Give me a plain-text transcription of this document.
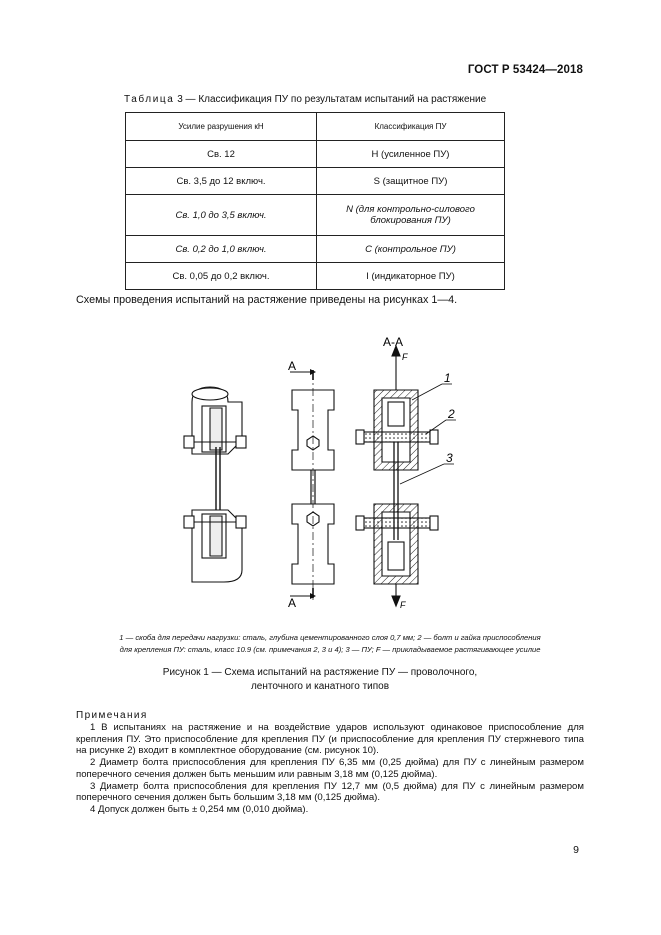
ГОСТ Р 53424—2018
Таблица 3 — Классификация ПУ по результатам испытаний на растяжение
Усилие разрушения кН	Классификация ПУ
Св. 12	Н (усиленное ПУ)
Св. 3,5 до 12 включ.	S (защитное ПУ)
Св. 1,0 до 3,5 включ.	N (для контрольно-силового
блокирования ПУ)
Св. 0,2 до 1,0 включ.	С (контрольное ПУ)
Св. 0,05 до 0,2 включ.	I (индикаторное ПУ)
Схемы проведения испытаний на растяжение приведены на рисунках 1—4.
А
А
1
2
3
А-А
F
F
1 — скоба для передачи нагрузки: сталь, глубина цементированного слоя 0,7 мм; 2 — болт и гайка приспособления
для крепления ПУ: сталь, класс 10.9 (см. примечания 2, 3 и 4); 3 — ПУ; F — прикладываемое растягивающее усилие
Рисунок 1 — Схема испытаний на растяжение ПУ — проволочного,
ленточного и канатного типов
Примечания

1 В испытаниях на растяжение и на воздействие ударов используют одинаковое приспособление для крепления ПУ. Это приспособление для крепления ПУ (и приспособление для крепления ПУ стержневого типа на рисунке 2) входит в комплектное оборудование (см. рисунок 10).

2 Диаметр болта приспособления для крепления ПУ 6,35 мм (0,25 дюйма) для ПУ с линейным размером поперечного сечения должен быть меньшим или равным 3,18 мм (0,125 дюйма).

3 Диаметр болта приспособления для крепления ПУ 12,7 мм (0,5 дюйма) для ПУ с линейным размером поперечного сечения должен быть большим 3,18 мм (0,125 дюйма).

4 Допуск должен быть ± 0,254 мм (0,010 дюйма).

9
